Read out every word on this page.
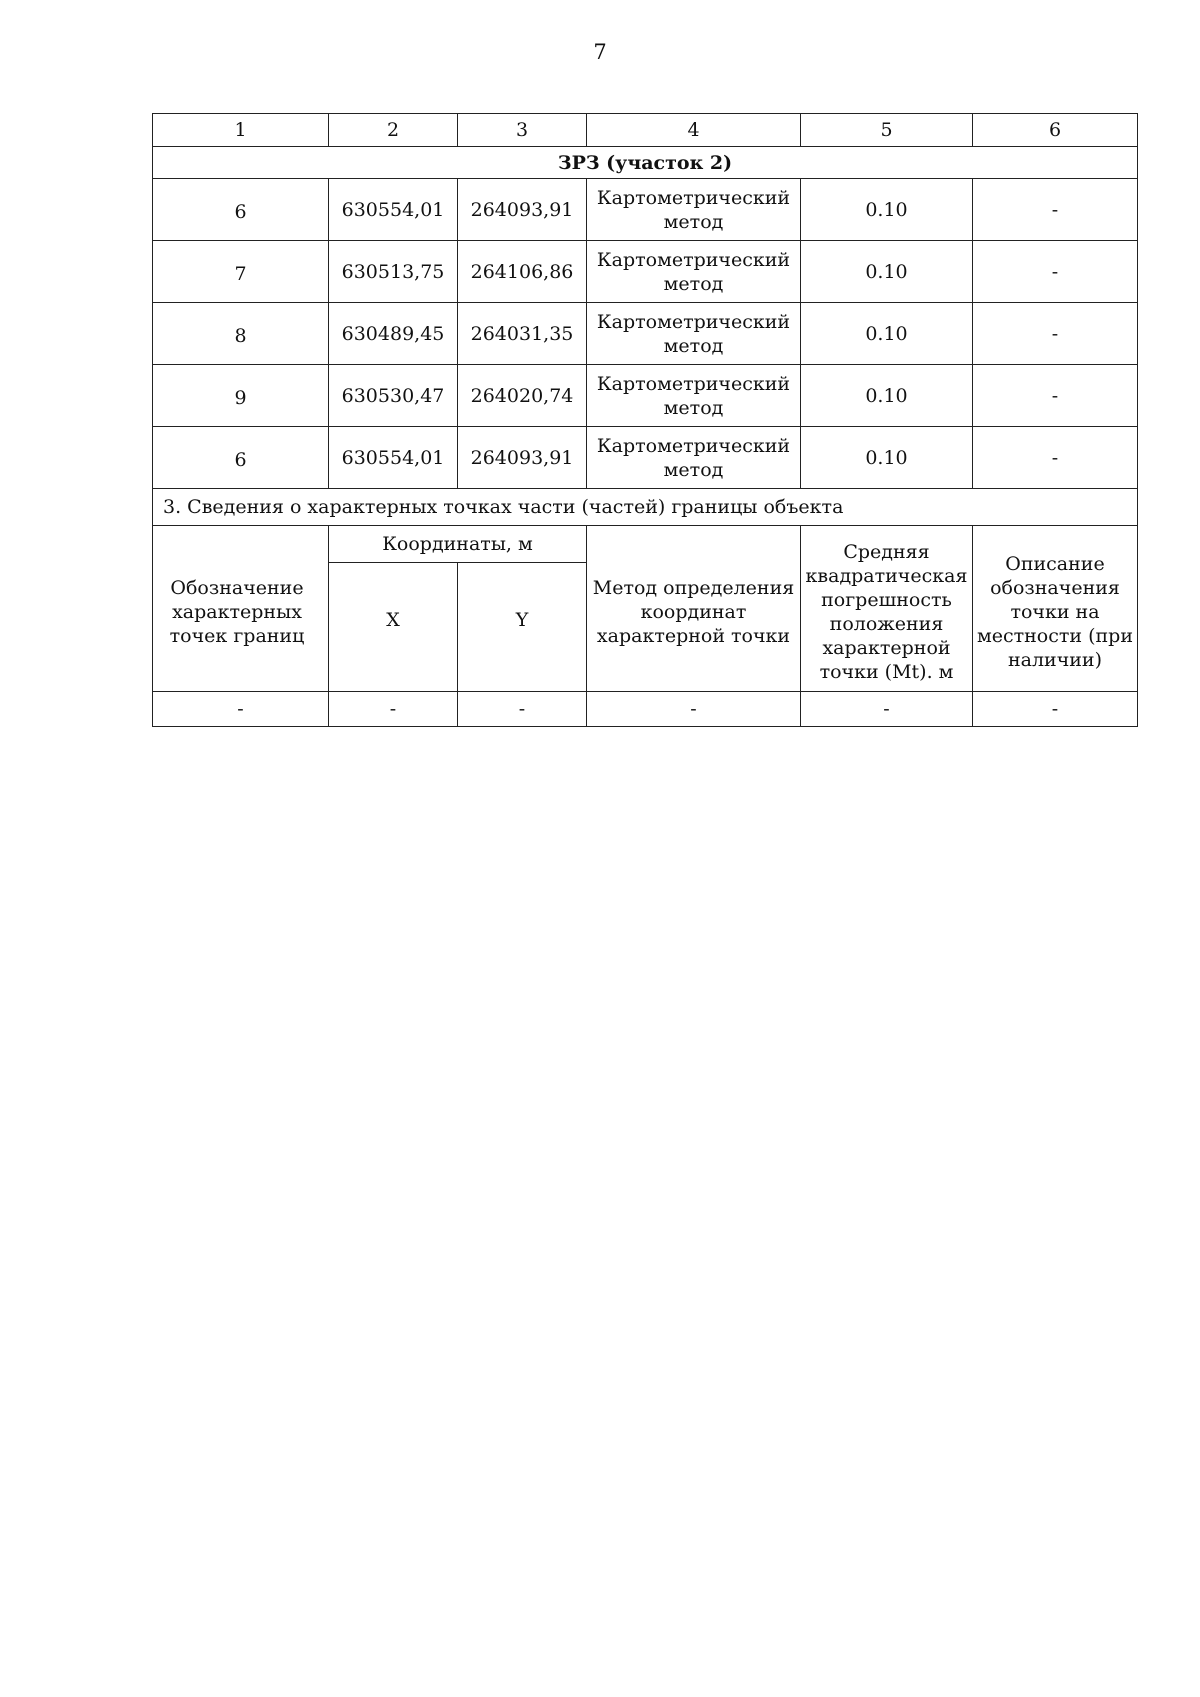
7
1	2	3	4	5	6
ЗРЗ (участок 2)					
6	630554,01	264093,91	Картометрический метод	0.10	-
7	630513,75	264106,86	Картометрический метод	0.10	-
8	630489,45	264031,35	Картометрический метод	0.10	-
9	630530,47	264020,74	Картометрический метод	0.10	-
6	630554,01	264093,91	Картометрический метод	0.10	-
3. Сведения о характерных точках части (частей) границы объекта					

Обозначение характерных точек границ	Координаты, м		Метод определения координат характерной точки	Средняя квадратическая погрешность положения характерной точки (Mt). м	Описание обозначения точки на местности (при наличии)
	X	Y			
-	-	-	-	-	-
